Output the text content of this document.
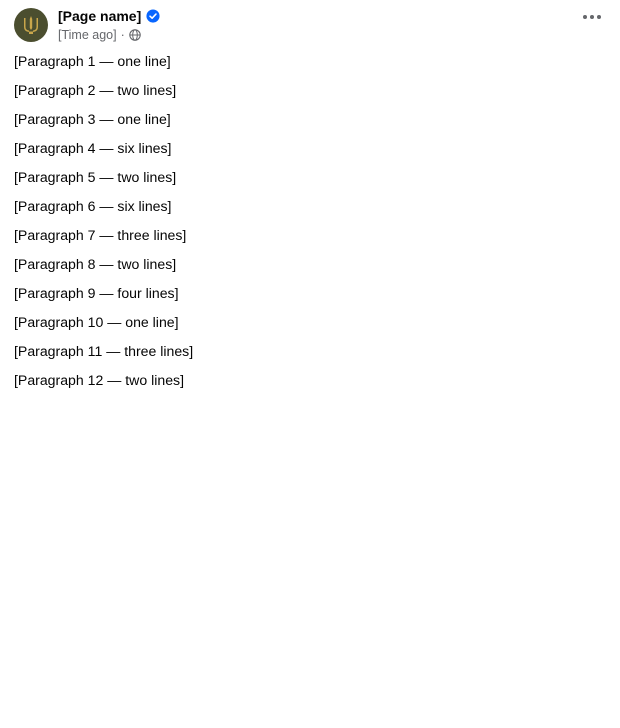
[Page name]
[Time ago] ·

[Paragraph 1 — one line]

[Paragraph 2 — two lines]

[Paragraph 3 — one line]

[Paragraph 4 — six lines]

[Paragraph 5 — two lines]

[Paragraph 6 — six lines]

[Paragraph 7 — three lines]

[Paragraph 8 — two lines]

[Paragraph 9 — four lines]

[Paragraph 10 — one line]

[Paragraph 11 — three lines]

[Paragraph 12 — two lines]
